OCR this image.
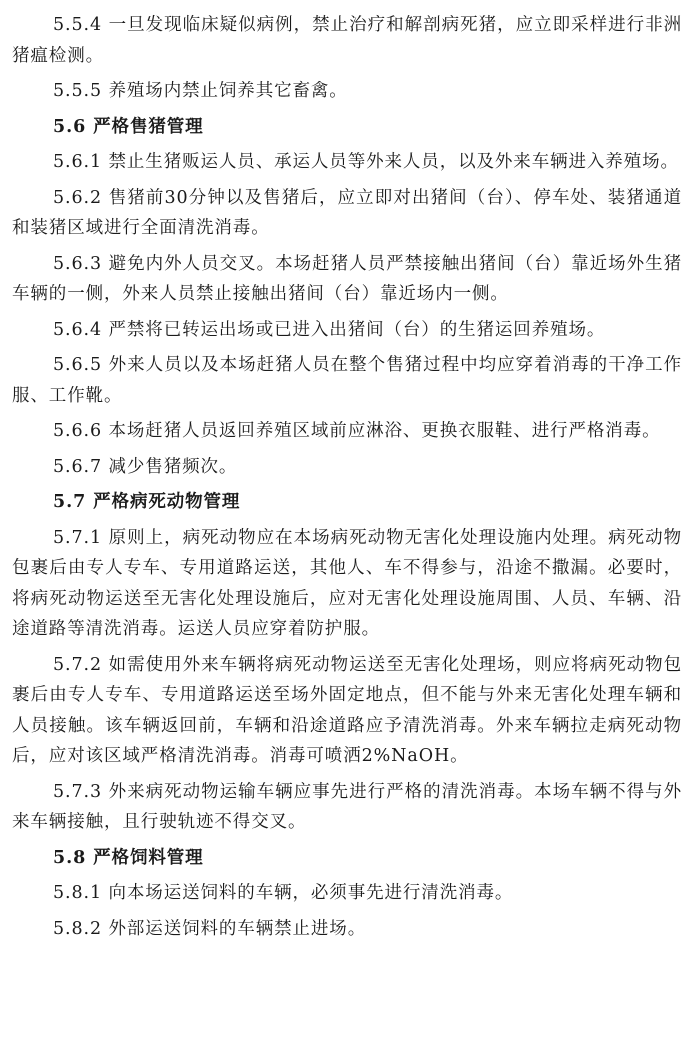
5.5.4 一旦发现临床疑似病例，禁止治疗和解剖病死猪，应立即采样进行非洲猪瘟检测。

5.5.5 养殖场内禁止饲养其它畜禽。

5.6 严格售猪管理

5.6.1 禁止生猪贩运人员、承运人员等外来人员，以及外来车辆进入养殖场。

5.6.2 售猪前30分钟以及售猪后，应立即对出猪间（台）、停车处、装猪通道和装猪区域进行全面清洗消毒。

5.6.3 避免内外人员交叉。本场赶猪人员严禁接触出猪间（台）靠近场外生猪车辆的一侧，外来人员禁止接触出猪间（台）靠近场内一侧。

5.6.4 严禁将已转运出场或已进入出猪间（台）的生猪运回养殖场。

5.6.5 外来人员以及本场赶猪人员在整个售猪过程中均应穿着消毒的干净工作服、工作靴。

5.6.6 本场赶猪人员返回养殖区域前应淋浴、更换衣服鞋、进行严格消毒。

5.6.7 减少售猪频次。

5.7 严格病死动物管理

5.7.1 原则上，病死动物应在本场病死动物无害化处理设施内处理。病死动物包裹后由专人专车、专用道路运送，其他人、车不得参与，沿途不撒漏。必要时，将病死动物运送至无害化处理设施后，应对无害化处理设施周围、人员、车辆、沿途道路等清洗消毒。运送人员应穿着防护服。

5.7.2 如需使用外来车辆将病死动物运送至无害化处理场，则应将病死动物包裹后由专人专车、专用道路运送至场外固定地点，但不能与外来无害化处理车辆和人员接触。该车辆返回前，车辆和沿途道路应予清洗消毒。外来车辆拉走病死动物后，应对该区域严格清洗消毒。消毒可喷洒2%NaOH。

5.7.3 外来病死动物运输车辆应事先进行严格的清洗消毒。本场车辆不得与外来车辆接触，且行驶轨迹不得交叉。

5.8 严格饲料管理

5.8.1 向本场运送饲料的车辆，必须事先进行清洗消毒。

5.8.2 外部运送饲料的车辆禁止进场。
